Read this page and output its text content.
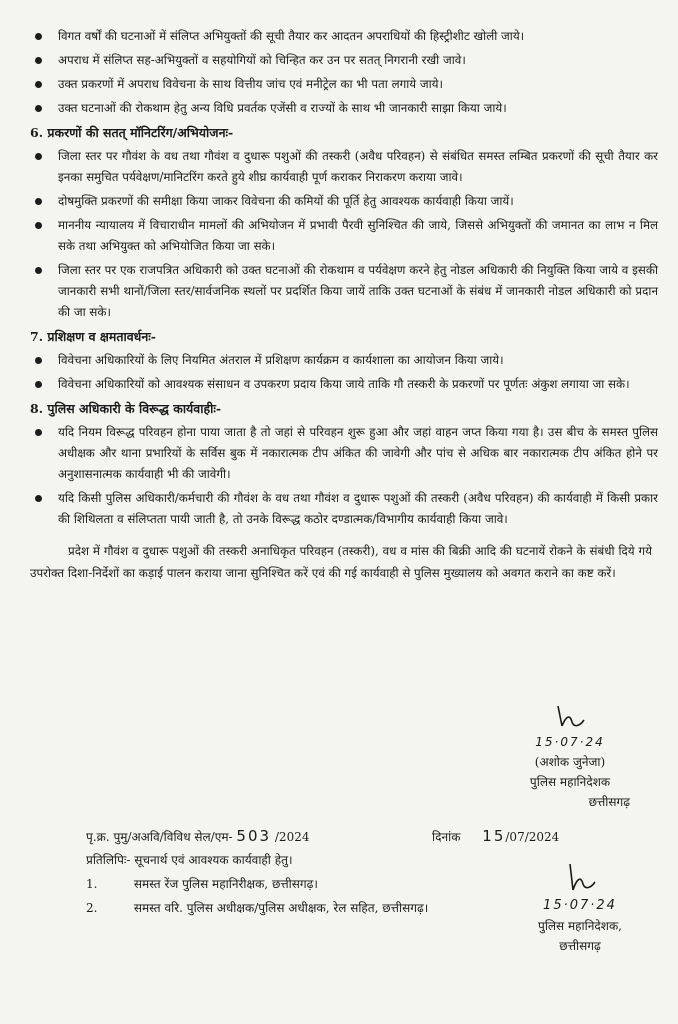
विगत वर्षों की घटनाओं में संलिप्त अभियुक्तों की सूची तैयार कर आदतन अपराधियों की हिस्ट्रीशीट खोली जाये।
अपराध में संलिप्त सह-अभियुक्तों व सहयोगियों को चिन्हित कर उन पर सतत् निगरानी रखी जावे।
उक्त प्रकरणों में अपराध विवेचना के साथ वित्तीय जांच एवं मनीट्रेल का भी पता लगाये जाये।
उक्त घटनाओं की रोकथाम हेतु अन्य विधि प्रवर्तक एजेंसी व राज्यों के साथ भी जानकारी साझा किया जाये।
6. प्रकरणों की सतत् मॉनिटरिंग/अभियोजनः-
जिला स्तर पर गौवंश के वध तथा गौवंश व दुधारू पशुओं की तस्करी (अवैध परिवहन) से संबंधित समस्त लम्बित प्रकरणों की सूची तैयार कर इनका समुचित पर्यवेक्षण/मानिटरिंग करते हुये शीघ्र कार्यवाही पूर्ण कराकर निराकरण कराया जावे।
दोषमुक्ति प्रकरणों की समीक्षा किया जाकर विवेचना की कमियों की पूर्ति हेतु आवश्यक कार्यवाही किया जायें।
माननीय न्यायालय में विचाराधीन मामलों की अभियोजन में प्रभावी पैरवी सुनिश्चित की जाये, जिससे अभियुक्तों की जमानत का लाभ न मिल सके तथा अभियुक्त को अभियोजित किया जा सके।
जिला स्तर पर एक राजपत्रित अधिकारी को उक्त घटनाओं की रोकथाम व पर्यवेक्षण करने हेतु नोडल अधिकारी की नियुक्ति किया जाये व इसकी जानकारी सभी थानों/जिला स्तर/सार्वजनिक स्थलों पर प्रदर्शित किया जायें ताकि उक्त घटनाओं के संबंध में जानकारी नोडल अधिकारी को प्रदान की जा सके।
7. प्रशिक्षण व क्षमतावर्धनः-
विवेचना अधिकारियों के लिए नियमित अंतराल में प्रशिक्षण कार्यक्रम व कार्यशाला का आयोजन किया जाये।
विवेचना अधिकारियों को आवश्यक संसाधन व उपकरण प्रदाय किया जाये ताकि गौ तस्करी के प्रकरणों पर पूर्णतः अंकुश लगाया जा सके।
8. पुलिस अधिकारी के विरूद्ध कार्यवाहीः-
यदि नियम विरूद्ध परिवहन होना पाया जाता है तो जहां से परिवहन शुरू हुआ और जहां वाहन जप्त किया गया है। उस बीच के समस्त पुलिस अधीक्षक और थाना प्रभारियों के सर्विस बुक में नकारात्मक टीप अंकित की जावेगी और पांच से अधिक बार नकारात्मक टीप अंकित होने पर अनुशासनात्मक कार्यवाही भी की जावेगी।
यदि किसी पुलिस अधिकारी/कर्मचारी की गौवंश के वध तथा गौवंश व दुधारू पशुओं की तस्करी (अवैध परिवहन) की कार्यवाही में किसी प्रकार की शिथिलता व संलिप्तता पायी जाती है, तो उनके विरूद्ध कठोर दण्डात्मक/विभागीय कार्यवाही किया जावे।

प्रदेश में गौवंश व दुधारू पशुओं की तस्करी अनाधिकृत परिवहन (तस्करी), वध व मांस की बिक्री आदि की घटनायें रोकने के संबंधी दिये गये उपरोक्त दिशा-निर्देशों का कड़ाई पालन कराया जाना सुनिश्चित करें एवं की गई कार्यवाही से पुलिस मुख्यालय को अवगत कराने का कष्ट करें।

15·07·24
(अशोक जुनेजा)
पुलिस महानिदेशक
छत्तीसगढ़
पृ.क्र. पुमु/अअवि/विविध सेल/एम- 503 /2024	दिनांक 15/07/2024
प्रतिलिपिः- सूचनार्थ एवं आवश्यक कार्यवाही हेतु।
1.	समस्त रेंज पुलिस महानिरीक्षक, छत्तीसगढ़।
2.	समस्त वरि. पुलिस अधीक्षक/पुलिस अधीक्षक, रेल सहित, छत्तीसगढ़।	15·07·24
पुलिस महानिदेशक,
छत्तीसगढ़
